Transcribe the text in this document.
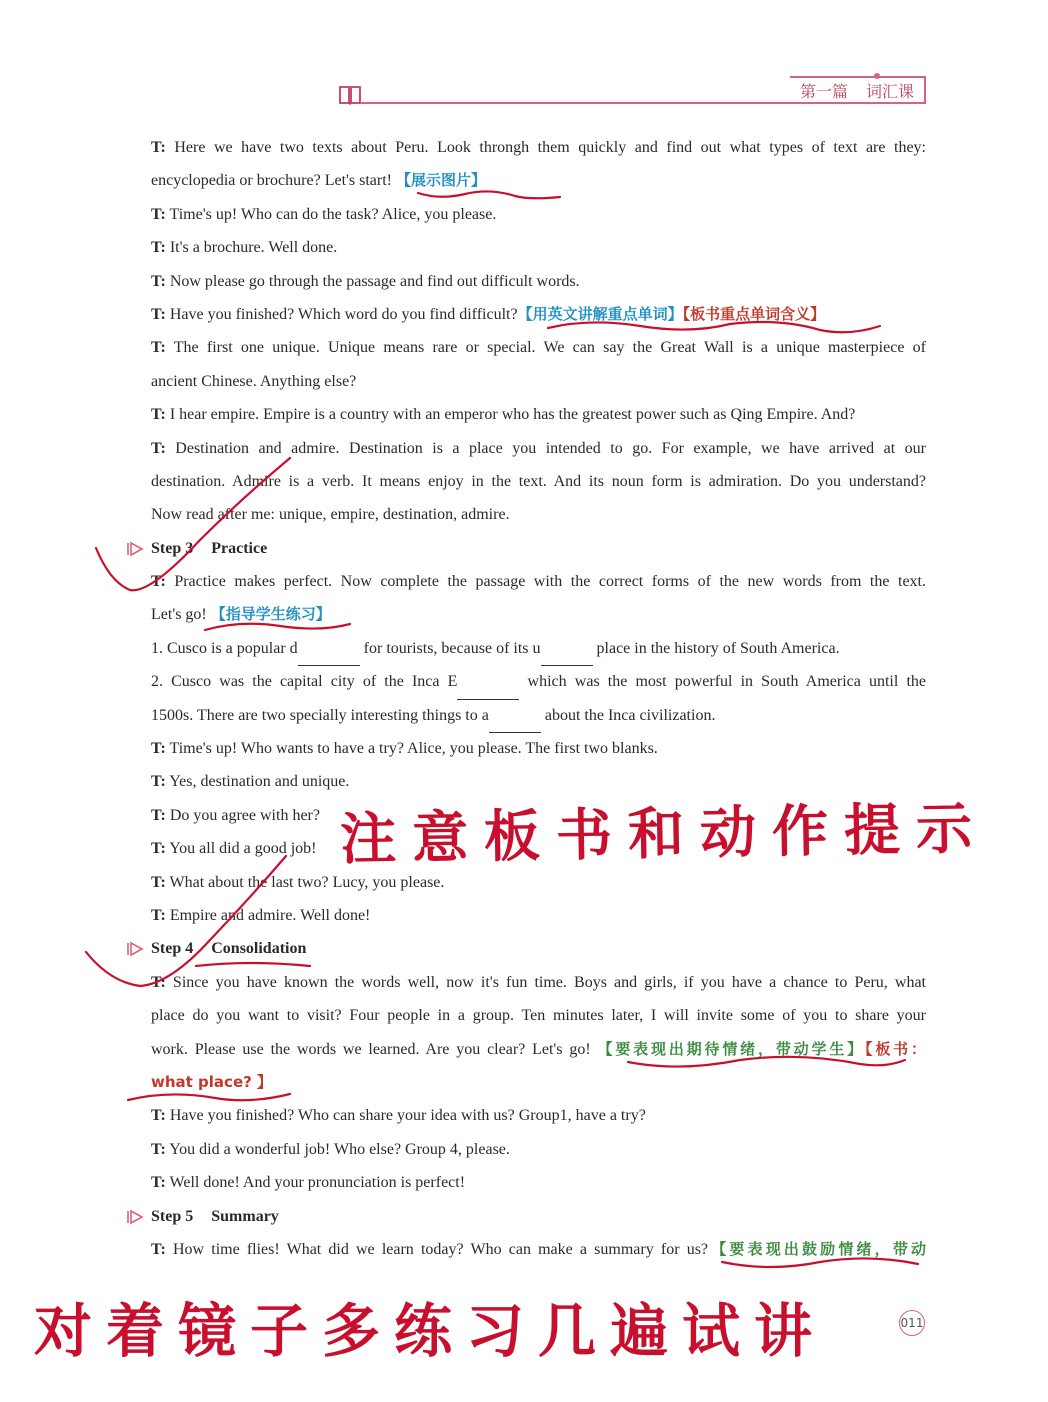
第一篇 词汇课
T: Here we have two texts about Peru. Look throngh them quickly and find out what types of text are they:
encyclopedia or brochure? Let's start! 【展示图片】
T: Time's up! Who can do the task? Alice, you please.
T: It's a brochure. Well done.
T: Now please go through the passage and find out difficult words.
T: Have you finished? Which word do you find difficult?【用英文讲解重点单词】【板书重点单词含义】
T: The first one unique. Unique means rare or special. We can say the Great Wall is a unique masterpiece of
ancient Chinese. Anything else?
T: I hear empire. Empire is a country with an emperor who has the greatest power such as Qing Empire. And?
T: Destination and admire. Destination is a place you intended to go. For example, we have arrived at our
destination. Admire is a verb. It means enjoy in the text. And its noun form is admiration. Do you understand?
Now read after me: unique, empire, destination, admire.
Step 3 Practice
T: Practice makes perfect. Now complete the passage with the correct forms of the new words from the text.
Let's go! 【指导学生练习】
1. Cusco is a popular d	for tourists, because of its u	place in the history of South America.
2. Cusco was the capital city of the Inca E	which was the most powerful in South America until the
1500s. There are two specially interesting things to a	about the Inca civilization.
T: Time's up! Who wants to have a try? Alice, you please. The first two blanks.
T: Yes, destination and unique.
T: Do you agree with her?
T: You all did a good job!
T: What about the last two? Lucy, you please.
T: Empire and admire. Well done!
Step 4 Consolidation
T: Since you have known the words well, now it's fun time. Boys and girls, if you have a chance to Peru, what
place do you want to visit? Four people in a group. Ten minutes later, I will invite some of you to share your
work. Please use the words we learned. Are you clear? Let's go! 【要表现出期待情绪，带动学生】【板书：
what place? 】
T: Have you finished? Who can share your idea with us? Group1, have a try?
T: You did a wonderful job! Who else? Group 4, please.
T: Well done! And your pronunciation is perfect!
Step 5 Summary
T: How time flies! What did we learn today? Who can make a summary for us?【要表现出鼓励情绪，带动
注意板书和动作提示
对着镜子多练习几遍试讲	011
